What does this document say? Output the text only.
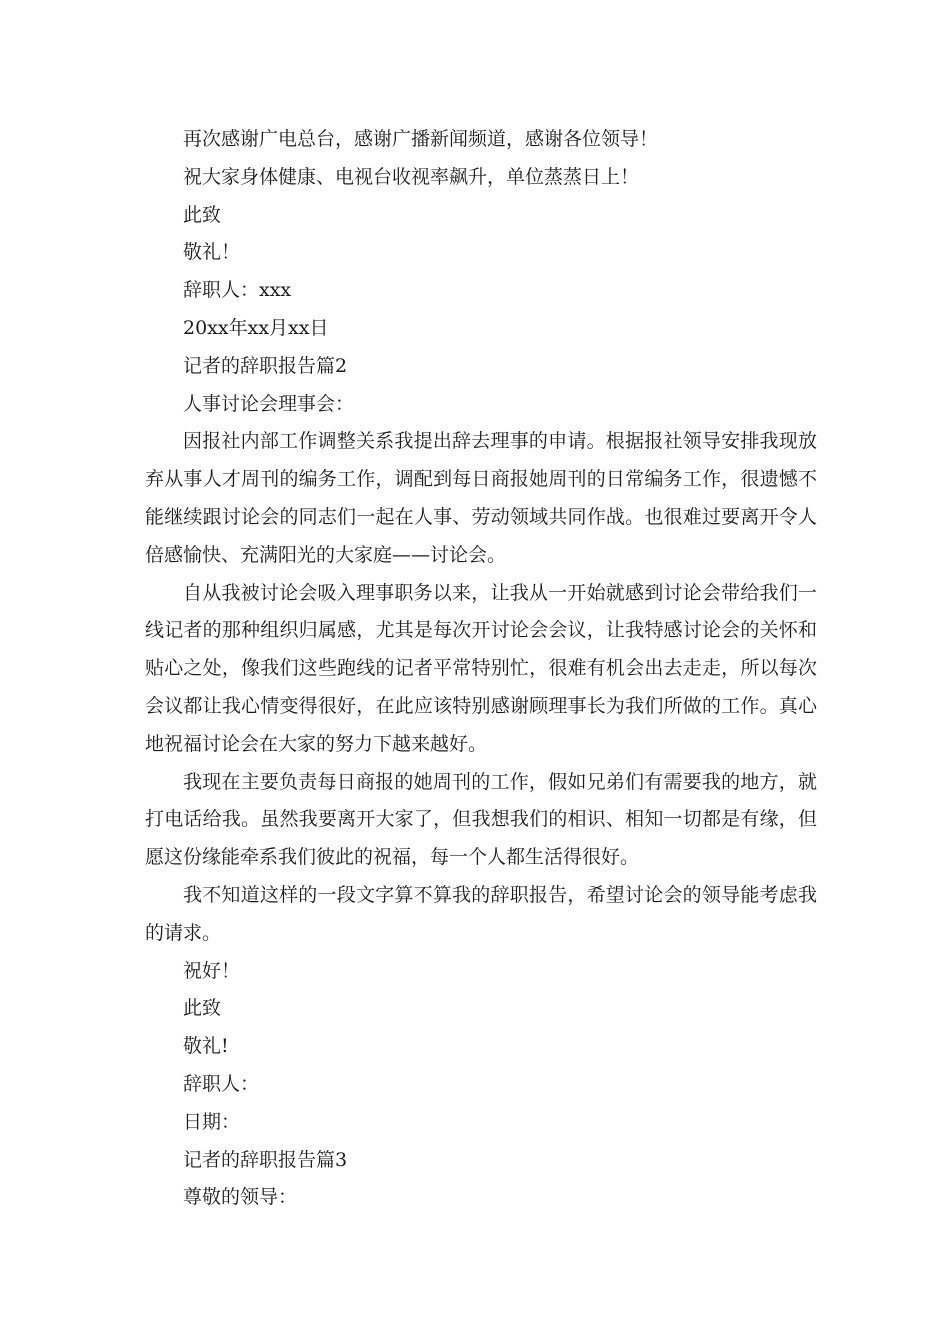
再次感谢广电总台，感谢广播新闻频道，感谢各位领导！

祝大家身体健康、电视台收视率飙升，单位蒸蒸日上！

此致

敬礼！

辞职人：xxx

20xx年xx月xx日

记者的辞职报告篇2

人事讨论会理事会：

因报社内部工作调整关系我提出辞去理事的申请。根据报社领导安排我现放弃从事人才周刊的编务工作，调配到每日商报她周刊的日常编务工作，很遗憾不能继续跟讨论会的同志们一起在人事、劳动领域共同作战。也很难过要离开令人倍感愉快、充满阳光的大家庭——讨论会。

自从我被讨论会吸入理事职务以来，让我从一开始就感到讨论会带给我们一线记者的那种组织归属感，尤其是每次开讨论会会议，让我特感讨论会的关怀和贴心之处，像我们这些跑线的记者平常特别忙，很难有机会出去走走，所以每次会议都让我心情变得很好，在此应该特别感谢顾理事长为我们所做的工作。真心地祝福讨论会在大家的努力下越来越好。

我现在主要负责每日商报的她周刊的工作，假如兄弟们有需要我的地方，就打电话给我。虽然我要离开大家了，但我想我们的相识、相知一切都是有缘，但愿这份缘能牵系我们彼此的祝福，每一个人都生活得很好。

我不知道这样的一段文字算不算我的辞职报告，希望讨论会的领导能考虑我的请求。

祝好！

此致

敬礼!

辞职人：

日期：

记者的辞职报告篇3

尊敬的领导：
